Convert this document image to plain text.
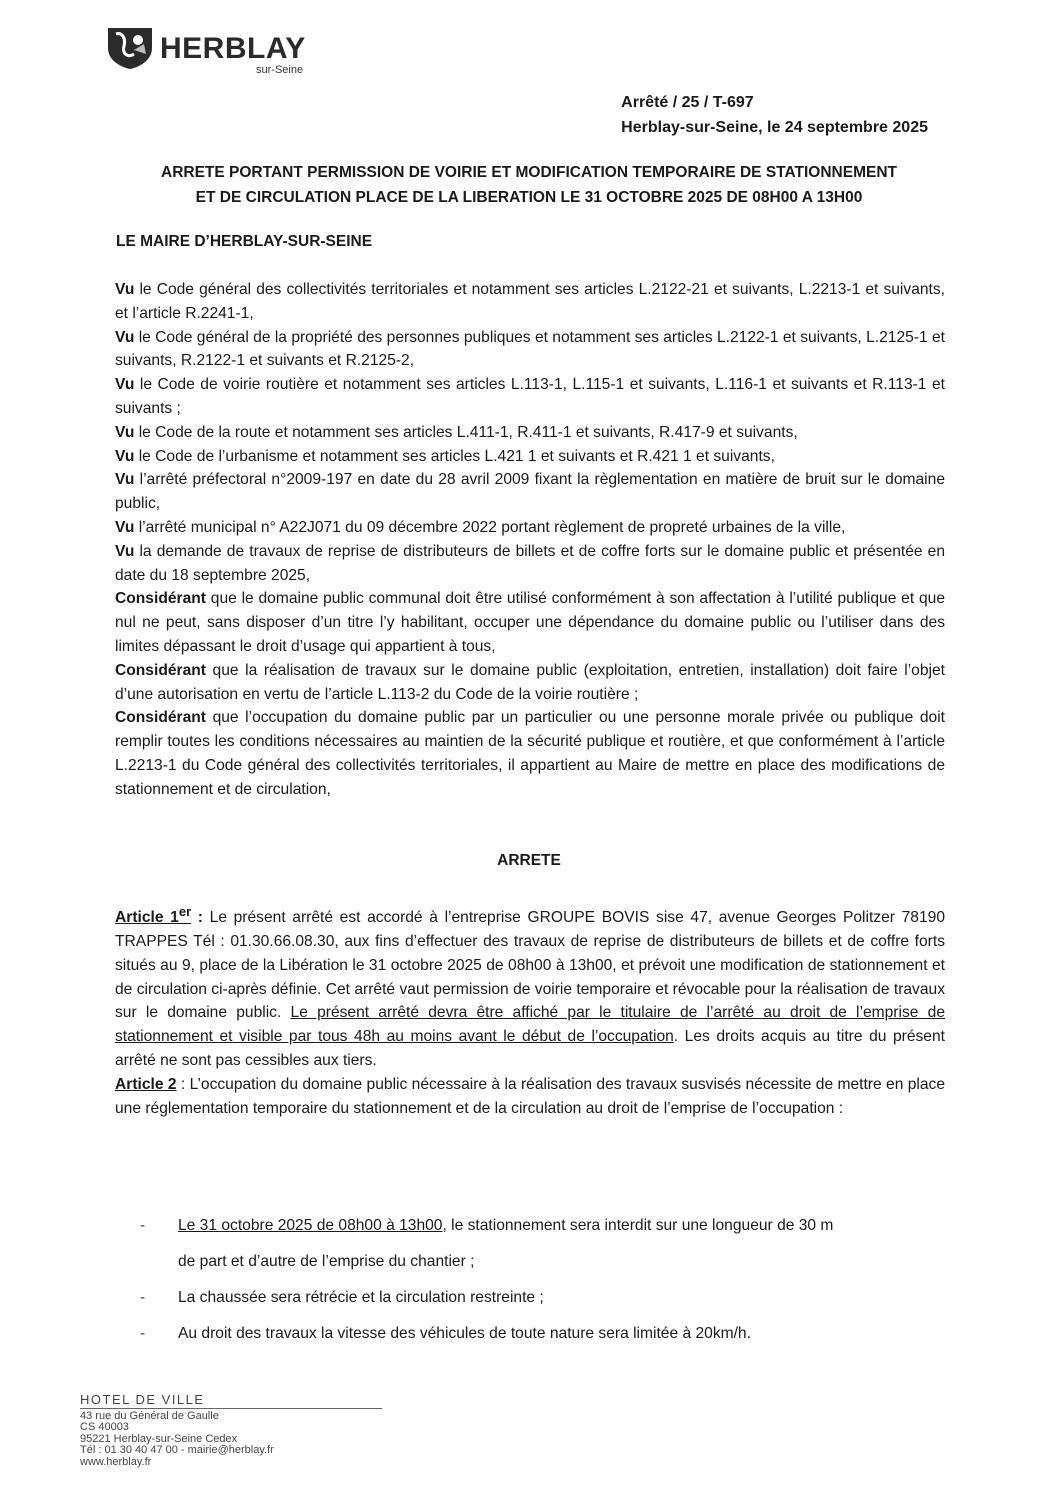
HERBLAY
sur-Seine
Arrêté / 25 / T-697
Herblay-sur-Seine, le 24 septembre 2025
ARRETE PORTANT PERMISSION DE VOIRIE ET MODIFICATION TEMPORAIRE DE STATIONNEMENT
ET DE CIRCULATION PLACE DE LA LIBERATION LE 31 OCTOBRE 2025 DE 08H00 A 13H00
LE MAIRE D’HERBLAY-SUR-SEINE

Vu le Code général des collectivités territoriales et notamment ses articles L.2122-21 et suivants, L.2213-1 et suivants, et l’article R.2241-1,

Vu le Code général de la propriété des personnes publiques et notamment ses articles L.2122-1 et suivants, L.2125-1 et suivants, R.2122-1 et suivants et R.2125-2,

Vu le Code de voirie routière et notamment ses articles L.113-1, L.115-1 et suivants, L.116-1 et suivants et R.113-1 et suivants ;

Vu le Code de la route et notamment ses articles L.411-1, R.411-1 et suivants, R.417-9 et suivants,

Vu le Code de l’urbanisme et notamment ses articles L.421 1 et suivants et R.421 1 et suivants,

Vu l’arrêté préfectoral n°2009-197 en date du 28 avril 2009 fixant la règlementation en matière de bruit sur le domaine public,

Vu l’arrêté municipal n° A22J071 du 09 décembre 2022 portant règlement de propreté urbaines de la ville,

Vu la demande de travaux de reprise de distributeurs de billets et de coffre forts sur le domaine public et présentée en date du 18 septembre 2025,

Considérant que le domaine public communal doit être utilisé conformément à son affectation à l’utilité publique et que nul ne peut, sans disposer d’un titre l’y habilitant, occuper une dépendance du domaine public ou l’utiliser dans des limites dépassant le droit d’usage qui appartient à tous,

Considérant que la réalisation de travaux sur le domaine public (exploitation, entretien, installation) doit faire l’objet d’une autorisation en vertu de l’article L.113-2 du Code de la voirie routière ;

Considérant que l’occupation du domaine public par un particulier ou une personne morale privée ou publique doit remplir toutes les conditions nécessaires au maintien de la sécurité publique et routière, et que conformément à l’article L.2213-1 du Code général des collectivités territoriales, il appartient au Maire de mettre en place des modifications de stationnement et de circulation,

ARRETE

Article 1er : Le présent arrêté est accordé à l’entreprise GROUPE BOVIS sise 47, avenue Georges Politzer 78190 TRAPPES Tél : 01.30.66.08.30, aux fins d’effectuer des travaux de reprise de distributeurs de billets et de coffre forts situés au 9, place de la Libération le 31 octobre 2025 de 08h00 à 13h00, et prévoit une modification de stationnement et de circulation ci-après définie. Cet arrêté vaut permission de voirie temporaire et révocable pour la réalisation de travaux sur le domaine public. Le présent arrêté devra être affiché par le titulaire de l’arrêté au droit de l’emprise de stationnement et visible par tous 48h au moins avant le début de l’occupation. Les droits acquis au titre du présent arrêté ne sont pas cessibles aux tiers.

Article 2 : L’occupation du domaine public nécessaire à la réalisation des travaux susvisés nécessite de mettre en place une réglementation temporaire du stationnement et de la circulation au droit de l’emprise de l’occupation :

- Le 31 octobre 2025 de 08h00 à 13h00, le stationnement sera interdit sur une longueur de 30 m
de part et d’autre de l’emprise du chantier ;
- La chaussée sera rétrécie et la circulation restreinte ;
- Au droit des travaux la vitesse des véhicules de toute nature sera limitée à 20km/h.
HOTEL DE VILLE
43 rue du Général de Gaulle
CS 40003
95221 Herblay-sur-Seine Cedex
Tél : 01 30 40 47 00 - mairie@herblay.fr
www.herblay.fr
